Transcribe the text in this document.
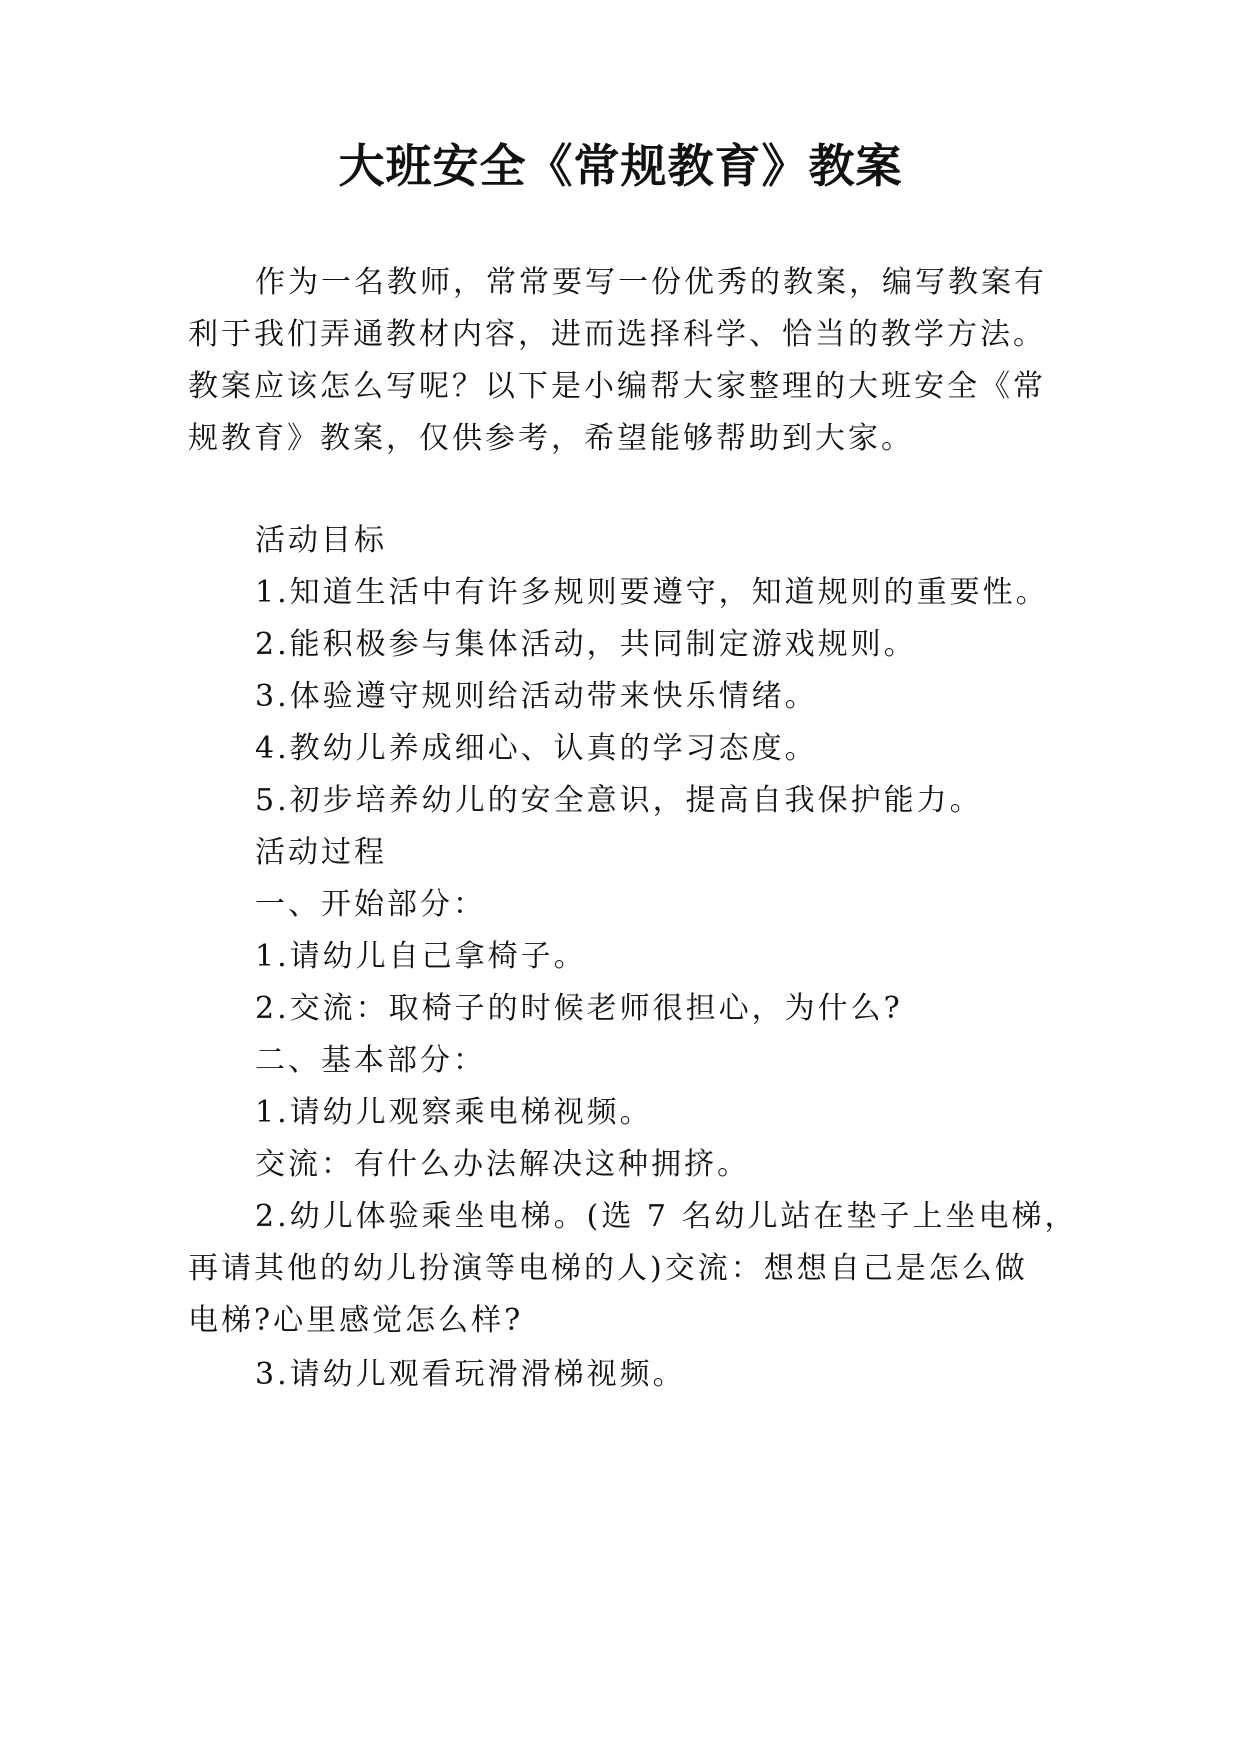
大班安全《常规教育》教案
作为一名教师，常常要写一份优秀的教案，编写教案有
利于我们弄通教材内容，进而选择科学、恰当的教学方法。
教案应该怎么写呢？以下是小编帮大家整理的大班安全《常
规教育》教案，仅供参考，希望能够帮助到大家。
活动目标
1.知道生活中有许多规则要遵守，知道规则的重要性。
2.能积极参与集体活动，共同制定游戏规则。
3.体验遵守规则给活动带来快乐情绪。
4.教幼儿养成细心、认真的学习态度。
5.初步培养幼儿的安全意识，提高自我保护能力。
活动过程
一、开始部分：
1.请幼儿自己拿椅子。
2.交流：取椅子的时候老师很担心，为什么?
二、基本部分：
1.请幼儿观察乘电梯视频。
交流：有什么办法解决这种拥挤。
2.幼儿体验乘坐电梯。(选 7 名幼儿站在垫子上坐电梯，
再请其他的幼儿扮演等电梯的人)交流：想想自己是怎么做
电梯?心里感觉怎么样?
3.请幼儿观看玩滑滑梯视频。
